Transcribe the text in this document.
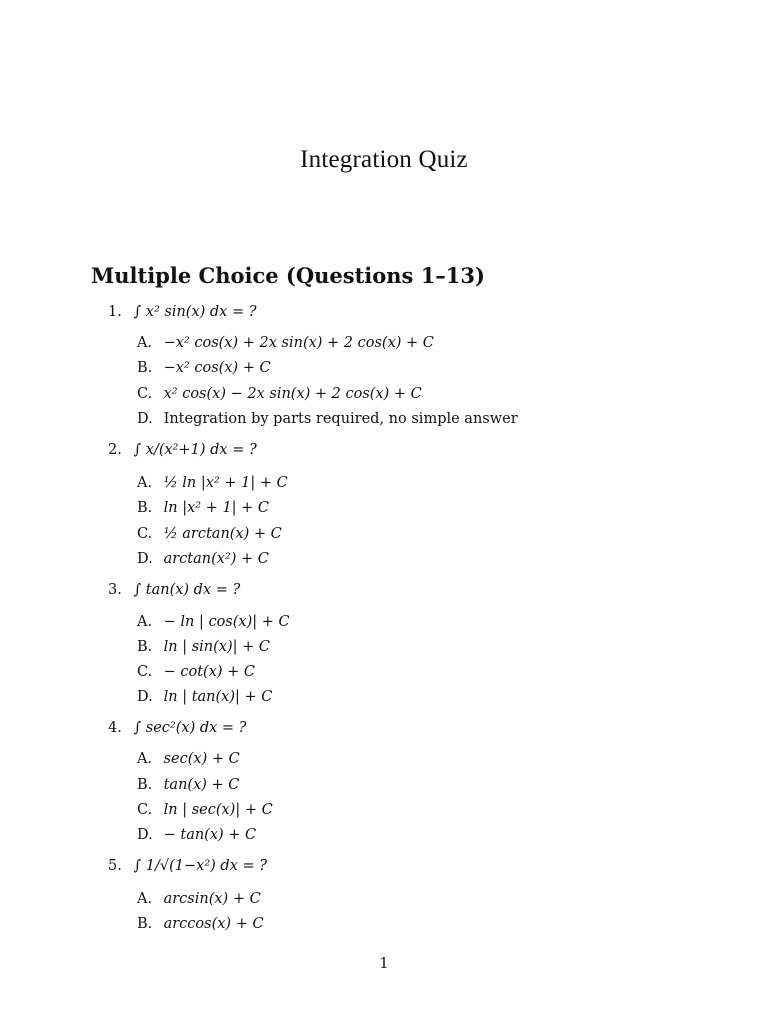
Integration Quiz
Multiple Choice (Questions 1–13)
1. ∫ x² sin(x) dx = ?
A. −x² cos(x) + 2x sin(x) + 2 cos(x) + C
B. −x² cos(x) + C
C. x² cos(x) − 2x sin(x) + 2 cos(x) + C
D. Integration by parts required, no simple answer
2. ∫ x/(x²+1) dx = ?
A. ½ ln |x² + 1| + C
B. ln |x² + 1| + C
C. ½ arctan(x) + C
D. arctan(x²) + C
3. ∫ tan(x) dx = ?
A. − ln | cos(x)| + C
B. ln | sin(x)| + C
C. − cot(x) + C
D. ln | tan(x)| + C
4. ∫ sec²(x) dx = ?
A. sec(x) + C
B. tan(x) + C
C. ln | sec(x)| + C
D. − tan(x) + C
5. ∫ 1/√(1−x²) dx = ?
A. arcsin(x) + C
B. arccos(x) + C
1
